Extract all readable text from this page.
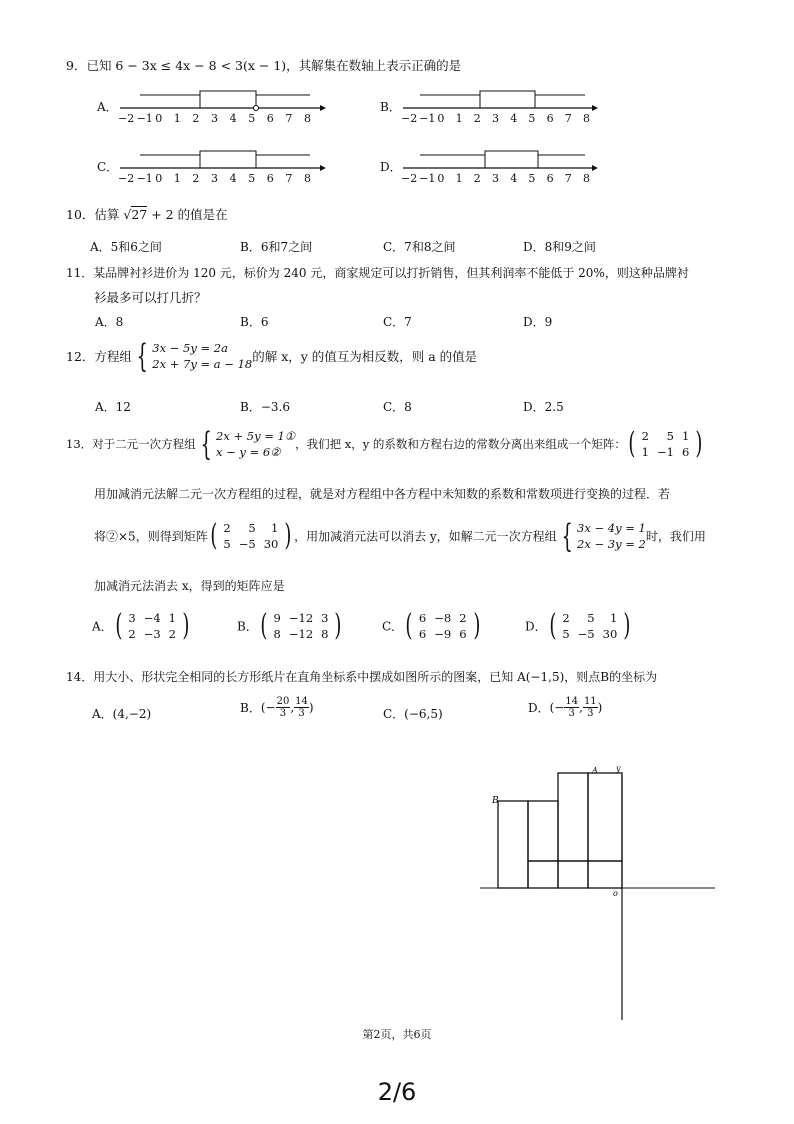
9．已知 6 − 3x ≤ 4x − 8 < 3(x − 1)，其解集在数轴上表示正确的是
A．	B．
C．	D．
−2 −1 0 1 2 3 4 5 6 7 8	−2 −1 0 1 2 3 4 5 6 7 8
−2 −1 0 1 2 3 4 5 6 7 8	−2 −1 0 1 2 3 4 5 6 7 8
10．估算 √27 + 2 的值是在
A．5和6之间	B．6和7之间	C．7和8之间	D．8和9之间
11．某品牌衬衫进价为 120 元，标价为 240 元，商家规定可以打折销售，但其利润率不能低于 20%，则这种品牌衬
衫最多可以打几折？
A．8	B．6	C．7	D．9
12．方程组 { 3x − 5y = 2a
2x + 7y = a − 18 的解 x，y 的值互为相反数，则 a 的值是
A．12	B．−3.6	C．8	D．2.5
13．对于二元一次方程组 { 2x + 5y = 1①
x − y = 6②
，我们把 x，y 的系数和方程右边的常数分离出来组成一个矩阵： ( 2	5	1
1	−1	6 )
用加减消元法解二元一次方程组的过程，就是对方程组中各方程中未知数的系数和常数项进行变换的过程．若
将②×5，则得到矩阵 ( 2	5	1
5	−5	30 ) ，用加减消元法可以消去 y，如解二元一次方程组 { 3x − 4y = 1
2x − 3y = 2
时，我们用
加减消元法消去 x，得到的矩阵应是
A． ( 3	−4	1
2	−3	2 )	B． ( 9	−12	3
8	−12	8 )	C． ( 6	−8	2
6	−9	6 )	D． ( 2	5	1
5	−5	30 )
14．用大小、形状完全相同的长方形纸片在直角坐标系中摆成如图所示的图案，已知 A(−1,5)，则点B的坐标为
A．(4,−2)	B．(− $\frac{20}{3}$ , $\frac{14}{3}$ )	C．(−6,5)	D．(− $\frac{14}{3}$ , $\frac{11}{3}$ )
B
A y
o
第2页，共6页
2/6
